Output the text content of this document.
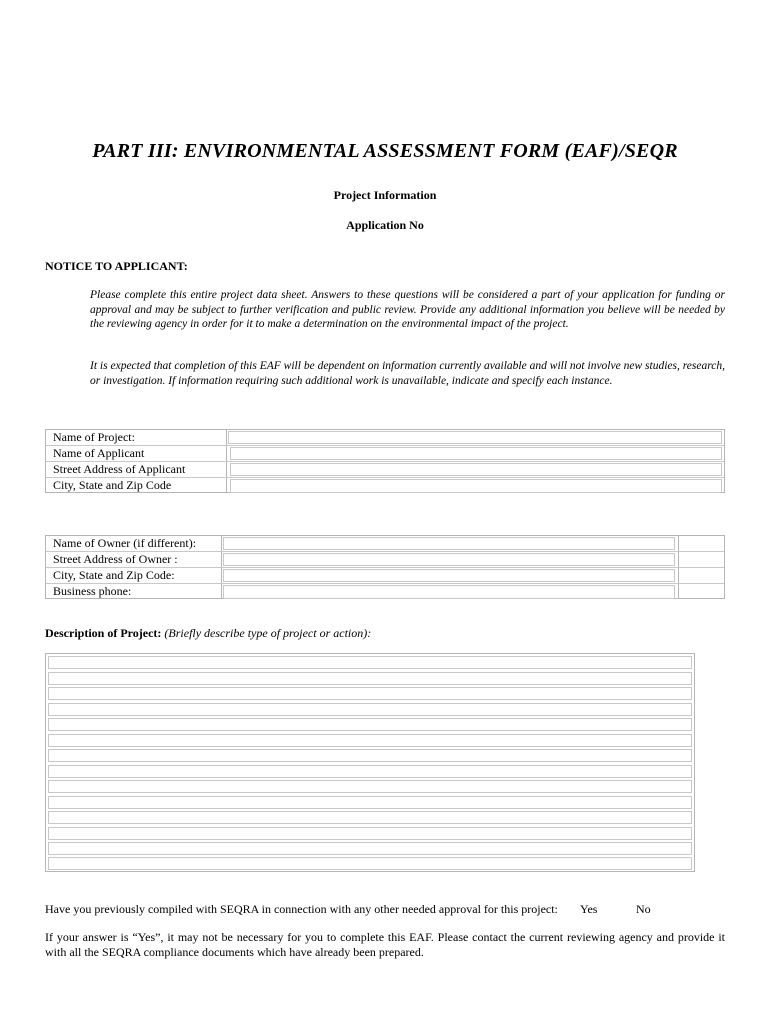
PART III: ENVIRONMENTAL ASSESSMENT FORM (EAF)/SEQR
Project Information
Application No
NOTICE TO APPLICANT:

Please complete this entire project data sheet. Answers to these questions will be considered a part of your application for funding or approval and may be subject to further verification and public review. Provide any additional information you believe will be needed by the reviewing agency in order for it to make a determination on the environmental impact of the project.

It is expected that completion of this EAF will be dependent on information currently available and will not involve new studies, research, or investigation. If information requiring such additional work is unavailable, indicate and specify each instance.

Name of Project:
Name of Applicant
Street Address of Applicant
City, State and Zip Code
Name of Owner (if different):
Street Address of Owner :
City, State and Zip Code:
Business phone:
Description of Project: (Briefly describe type of project or action):
Have you previously compiled with SEQRA in connection with any other needed approval for this project: Yes	No

If your answer is “Yes”, it may not be necessary for you to complete this EAF. Please contact the current reviewing agency and provide it with all the SEQRA compliance documents which have already been prepared.
